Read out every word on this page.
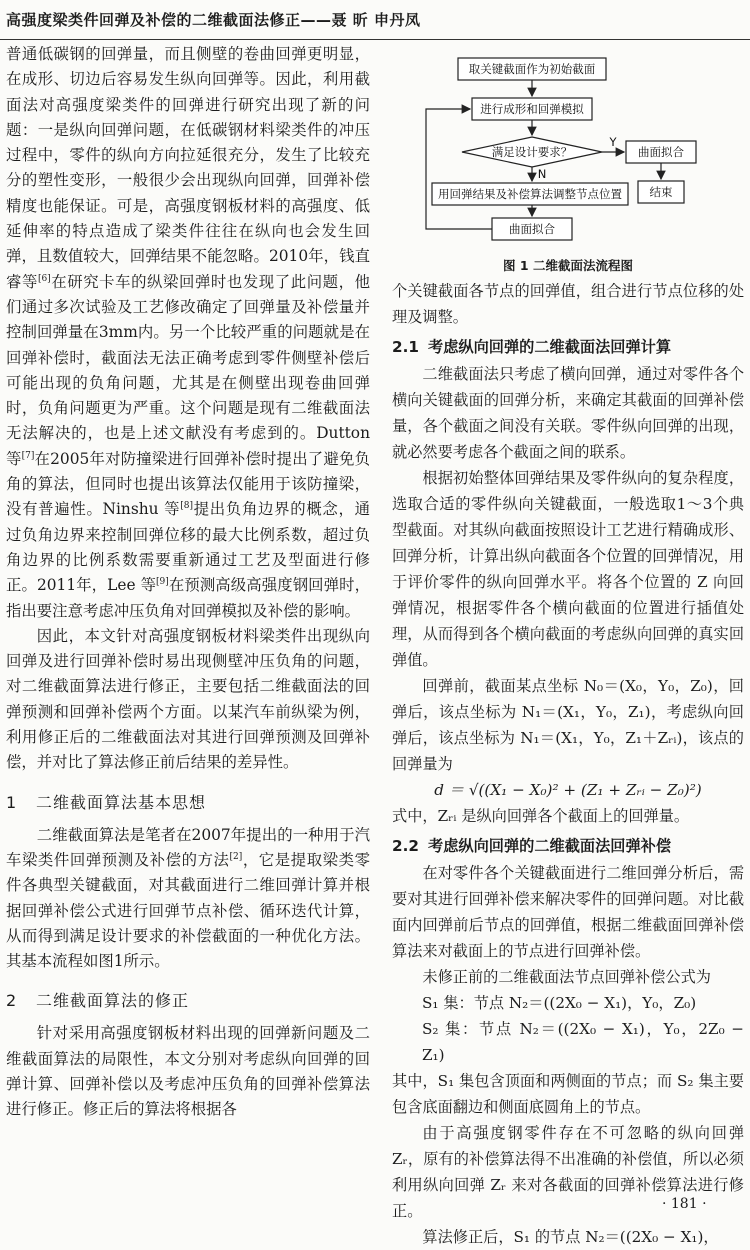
高强度梁类件回弹及补偿的二维截面法修正——聂 昕 申丹凤

普通低碳钢的回弹量，而且侧壁的卷曲回弹更明显，在成形、切边后容易发生纵向回弹等。因此，利用截面法对高强度梁类件的回弹进行研究出现了新的问题：一是纵向回弹问题，在低碳钢材料梁类件的冲压过程中，零件的纵向方向拉延很充分，发生了比较充分的塑性变形，一般很少会出现纵向回弹，回弹补偿精度也能保证。可是，高强度钢板材料的高强度、低延伸率的特点造成了梁类件往往在纵向也会发生回弹，且数值较大，回弹结果不能忽略。2010年，钱直睿等[6]在研究卡车的纵梁回弹时也发现了此问题，他们通过多次试验及工艺修改确定了回弹量及补偿量并控制回弹量在3mm内。另一个比较严重的问题就是在回弹补偿时，截面法无法正确考虑到零件侧壁补偿后可能出现的负角问题，尤其是在侧壁出现卷曲回弹时，负角问题更为严重。这个问题是现有二维截面法无法解决的，也是上述文献没有考虑到的。Dutton 等[7]在2005年对防撞梁进行回弹补偿时提出了避免负角的算法，但同时也提出该算法仅能用于该防撞梁，没有普遍性。Ninshu 等[8]提出负角边界的概念，通过负角边界来控制回弹位移的最大比例系数，超过负角边界的比例系数需要重新通过工艺及型面进行修正。2011年，Lee 等[9]在预测高级高强度钢回弹时，指出要注意考虑冲压负角对回弹模拟及补偿的影响。

因此，本文针对高强度钢板材料梁类件出现纵向回弹及进行回弹补偿时易出现侧壁冲压负角的问题，对二维截面算法进行修正，主要包括二维截面法的回弹预测和回弹补偿两个方面。以某汽车前纵梁为例，利用修正后的二维截面法对其进行回弹预测及回弹补偿，并对比了算法修正前后结果的差异性。

1 二维截面算法基本思想

二维截面算法是笔者在2007年提出的一种用于汽车梁类件回弹预测及补偿的方法[2]，它是提取梁类零件各典型关键截面，对其截面进行二维回弹计算并根据回弹补偿公式进行回弹节点补偿、循环迭代计算，从而得到满足设计要求的补偿截面的一种优化方法。其基本流程如图1所示。

2 二维截面算法的修正

针对采用高强度钢板材料出现的回弹新问题及二维截面算法的局限性，本文分别对考虑纵向回弹的回弹计算、回弹补偿以及考虑冲压负角的回弹补偿算法进行修正。修正后的算法将根据各

取关键截面作为初始截面
进行成形和回弹模拟
满足设计要求？
Y
N
曲面拟合
结束
用回弹结果及补偿算法调整节点位置
曲面拟合
图 1 二维截面法流程图

个关键截面各节点的回弹值，组合进行节点位移的处理及调整。

2.1 考虑纵向回弹的二维截面法回弹计算

二维截面法只考虑了横向回弹，通过对零件各个横向关键截面的回弹分析，来确定其截面的回弹补偿量，各个截面之间没有关联。零件纵向回弹的出现，就必然要考虑各个截面之间的联系。

根据初始整体回弹结果及零件纵向的复杂程度，选取合适的零件纵向关键截面，一般选取1～3个典型截面。对其纵向截面按照设计工艺进行精确成形、回弹分析，计算出纵向截面各个位置的回弹情况，用于评价零件的纵向回弹水平。将各个位置的 Z 向回弹情况，根据零件各个横向截面的位置进行插值处理，从而得到各个横向截面的考虑纵向回弹的真实回弹值。

回弹前，截面某点坐标 N₀＝(X₀，Y₀，Z₀)，回弹后，该点坐标为 N₁＝(X₁，Y₀，Z₁)，考虑纵向回弹后，该点坐标为 N₁＝(X₁，Y₀，Z₁＋Zᵣᵢ)，该点的回弹量为

d ＝ √((X₁ − X₀)² + (Z₁ + Zᵣᵢ − Z₀)²)

式中，Zᵣᵢ 是纵向回弹各个截面上的回弹量。

2.2 考虑纵向回弹的二维截面法回弹补偿

在对零件各个关键截面进行二维回弹分析后，需要对其进行回弹补偿来解决零件的回弹问题。对比截面内回弹前后节点的回弹值，根据二维截面回弹补偿算法来对截面上的节点进行回弹补偿。

未修正前的二维截面法节点回弹补偿公式为

S₁ 集：节点 N₂＝((2X₀ − X₁)，Y₀，Z₀)

S₂ 集：节点 N₂＝((2X₀ − X₁)，Y₀，2Z₀ − Z₁)

其中，S₁ 集包含顶面和两侧面的节点；而 S₂ 集主要包含底面翻边和侧面底圆角上的节点。

由于高强度钢零件存在不可忽略的纵向回弹 Zᵣ，原有的补偿算法得不出准确的补偿值，所以必须利用纵向回弹 Zᵣ 来对各截面的回弹补偿算法进行修正。

算法修正后，S₁ 的节点 N₂＝((2X₀ − X₁)，

· 181 ·
